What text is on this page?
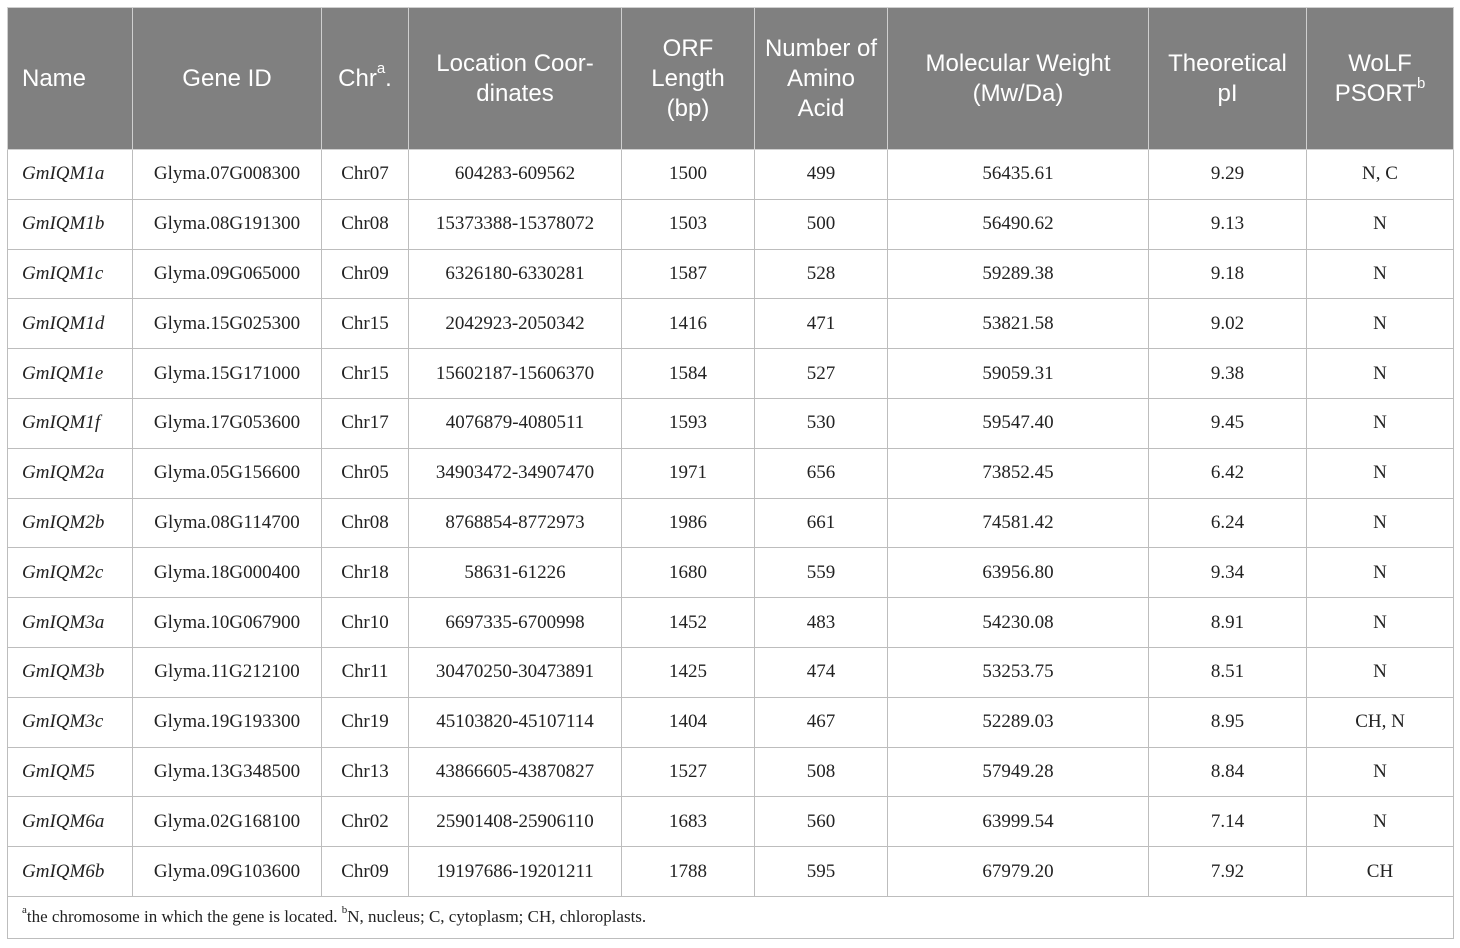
Name	Gene ID	Chr$^a$.	Location Coor-dinates	ORF Length (bp)	Number of Amino Acid	Molecular Weight (Mw/Da)	Theoretical pI	WoLF PSORT$^b$
GmIQM1a	Glyma.07G008300	Chr07	604283-609562	1500	499	56435.61	9.29	N, C
GmIQM1b	Glyma.08G191300	Chr08	15373388-15378072	1503	500	56490.62	9.13	N
GmIQM1c	Glyma.09G065000	Chr09	6326180-6330281	1587	528	59289.38	9.18	N
GmIQM1d	Glyma.15G025300	Chr15	2042923-2050342	1416	471	53821.58	9.02	N
GmIQM1e	Glyma.15G171000	Chr15	15602187-15606370	1584	527	59059.31	9.38	N
GmIQM1f	Glyma.17G053600	Chr17	4076879-4080511	1593	530	59547.40	9.45	N
GmIQM2a	Glyma.05G156600	Chr05	34903472-34907470	1971	656	73852.45	6.42	N
GmIQM2b	Glyma.08G114700	Chr08	8768854-8772973	1986	661	74581.42	6.24	N
GmIQM2c	Glyma.18G000400	Chr18	58631-61226	1680	559	63956.80	9.34	N
GmIQM3a	Glyma.10G067900	Chr10	6697335-6700998	1452	483	54230.08	8.91	N
GmIQM3b	Glyma.11G212100	Chr11	30470250-30473891	1425	474	53253.75	8.51	N
GmIQM3c	Glyma.19G193300	Chr19	45103820-45107114	1404	467	52289.03	8.95	CH, N
GmIQM5	Glyma.13G348500	Chr13	43866605-43870827	1527	508	57949.28	8.84	N
GmIQM6a	Glyma.02G168100	Chr02	25901408-25906110	1683	560	63999.54	7.14	N
GmIQM6b	Glyma.09G103600	Chr09	19197686-19201211	1788	595	67979.20	7.92	CH
$^a$the chromosome in which the gene is located. $^b$N, nucleus; C, cytoplasm; CH, chloroplasts.								
